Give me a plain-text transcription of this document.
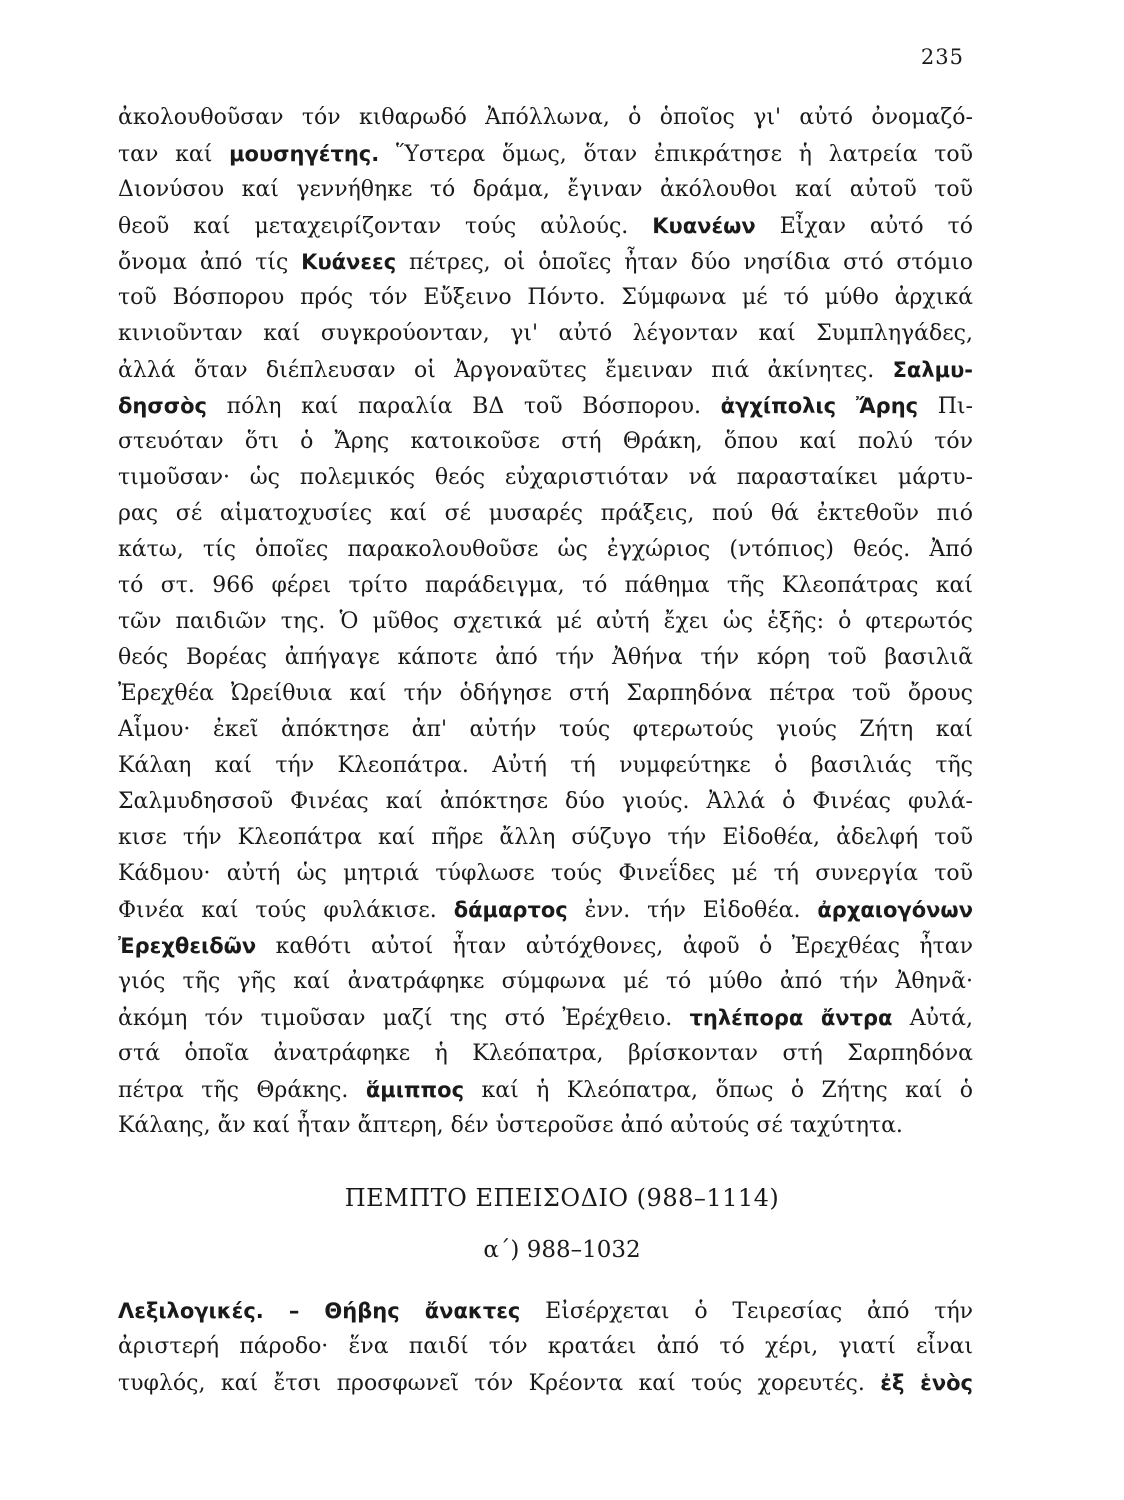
235
ἀκολουθοῦσαν τόν κιθαρωδό Ἀπόλλωνα, ὁ ὁποῖος γι' αὐτό ὀνομαζό-
ταν καί μουσηγέτης. Ὕστερα ὅμως, ὅταν ἐπικράτησε ἡ λατρεία τοῦ
Διονύσου καί γεννήθηκε τό δράμα, ἔγιναν ἀκόλουθοι καί αὐτοῦ τοῦ
θεοῦ καί μεταχειρίζονταν τούς αὐλούς. Κυανέων Εἶχαν αὐτό τό
ὄνομα ἀπό τίς Κυάνεες πέτρες, οἱ ὁποῖες ἦταν δύο νησίδια στό στόμιο
τοῦ Βόσπορου πρός τόν Εὔξεινο Πόντο. Σύμφωνα μέ τό μύθο ἀρχικά
κινιοῦνταν καί συγκρούονταν, γι' αὐτό λέγονταν καί Συμπληγάδες,
ἀλλά ὅταν διέπλευσαν οἱ Ἀργοναῦτες ἔμειναν πιά ἀκίνητες. Σαλμυ-
δησσὸς πόλη καί παραλία ΒΔ τοῦ Βόσπορου. ἀγχίπολις Ἄρης Πι-
στευόταν ὅτι ὁ Ἄρης κατοικοῦσε στή Θράκη, ὅπου καί πολύ τόν
τιμοῦσαν· ὡς πολεμικός θεός εὐχαριστιόταν νά παρασταίκει μάρτυ-
ρας σέ αἱματοχυσίες καί σέ μυσαρές πράξεις, πού θά ἐκτεθοῦν πιό
κάτω, τίς ὁποῖες παρακολουθοῦσε ὡς ἐγχώριος (ντόπιος) θεός. Ἀπό
τό στ. 966 φέρει τρίτο παράδειγμα, τό πάθημα τῆς Κλεοπάτρας καί
τῶν παιδιῶν της. Ὁ μῦθος σχετικά μέ αὐτή ἔχει ὡς ἑξῆς: ὁ φτερωτός
θεός Βορέας ἀπήγαγε κάποτε ἀπό τήν Ἀθήνα τήν κόρη τοῦ βασιλιᾶ
Ἐρεχθέα Ὠρείθυια καί τήν ὁδήγησε στή Σαρπηδόνα πέτρα τοῦ ὄρους
Αἷμου· ἐκεῖ ἀπόκτησε ἀπ' αὐτήν τούς φτερωτούς γιούς Ζήτη καί
Κάλαη καί τήν Κλεοπάτρα. Αὐτή τή νυμφεύτηκε ὁ βασιλιάς τῆς
Σαλμυδησσοῦ Φινέας καί ἀπόκτησε δύο γιούς. Ἀλλά ὁ Φινέας φυλά-
κισε τήν Κλεοπάτρα καί πῆρε ἄλλη σύζυγο τήν Εἰδοθέα, ἀδελφή τοῦ
Κάδμου· αὐτή ὡς μητριά τύφλωσε τούς Φινεΐδες μέ τή συνεργία τοῦ
Φινέα καί τούς φυλάκισε. δάμαρτος ἐνν. τήν Εἰδοθέα. ἀρχαιογόνων
Ἐρεχθειδῶν καθότι αὐτοί ἦταν αὐτόχθονες, ἀφοῦ ὁ Ἐρεχθέας ἦταν
γιός τῆς γῆς καί ἀνατράφηκε σύμφωνα μέ τό μύθο ἀπό τήν Ἀθηνᾶ·
ἀκόμη τόν τιμοῦσαν μαζί της στό Ἐρέχθειο. τηλέπορα ἄντρα Αὐτά,
στά ὁποῖα ἀνατράφηκε ἡ Κλεόπατρα, βρίσκονταν στή Σαρπηδόνα
πέτρα τῆς Θράκης. ἅμιππος καί ἡ Κλεόπατρα, ὅπως ὁ Ζήτης καί ὁ
Κάλαης, ἄν καί ἦταν ἄπτερη, δέν ὑστεροῦσε ἀπό αὐτούς σέ ταχύτητα.
ΠΕΜΠΤΟ ΕΠΕΙΣΟΔΙΟ (988–1114)
α΄) 988–1032
Λεξιλογικές. – Θήβης ἄνακτες Εἰσέρχεται ὁ Τειρεσίας ἀπό τήν
ἀριστερή πάροδο· ἕνα παιδί τόν κρατάει ἀπό τό χέρι, γιατί εἶναι
τυφλός, καί ἔτσι προσφωνεῖ τόν Κρέοντα καί τούς χορευτές. ἐξ ἑνὸς
